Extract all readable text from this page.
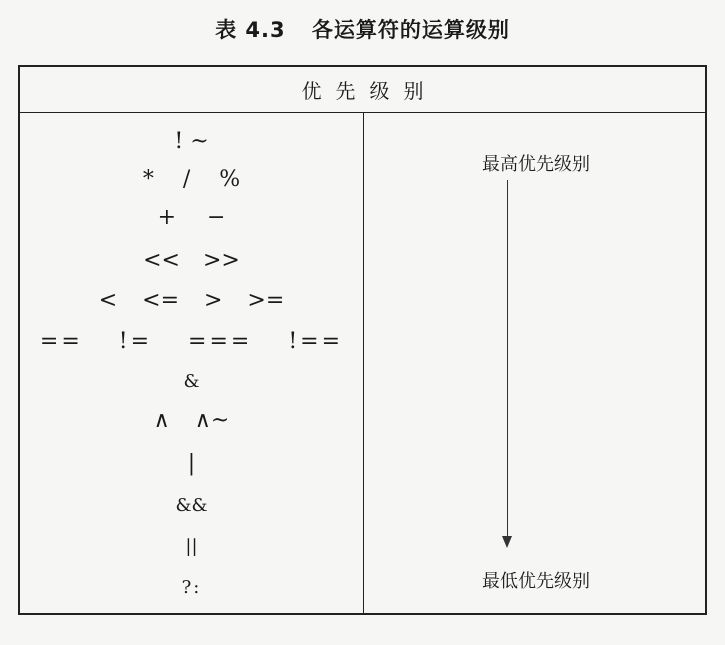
表 4.3 各运算符的运算级别
优先级别
! ~
* / %
+ −
<< >>
< <= > >=
== != === !==
&
∧ ∧~
|
&&
||
?:
最高优先级别
最低优先级别
